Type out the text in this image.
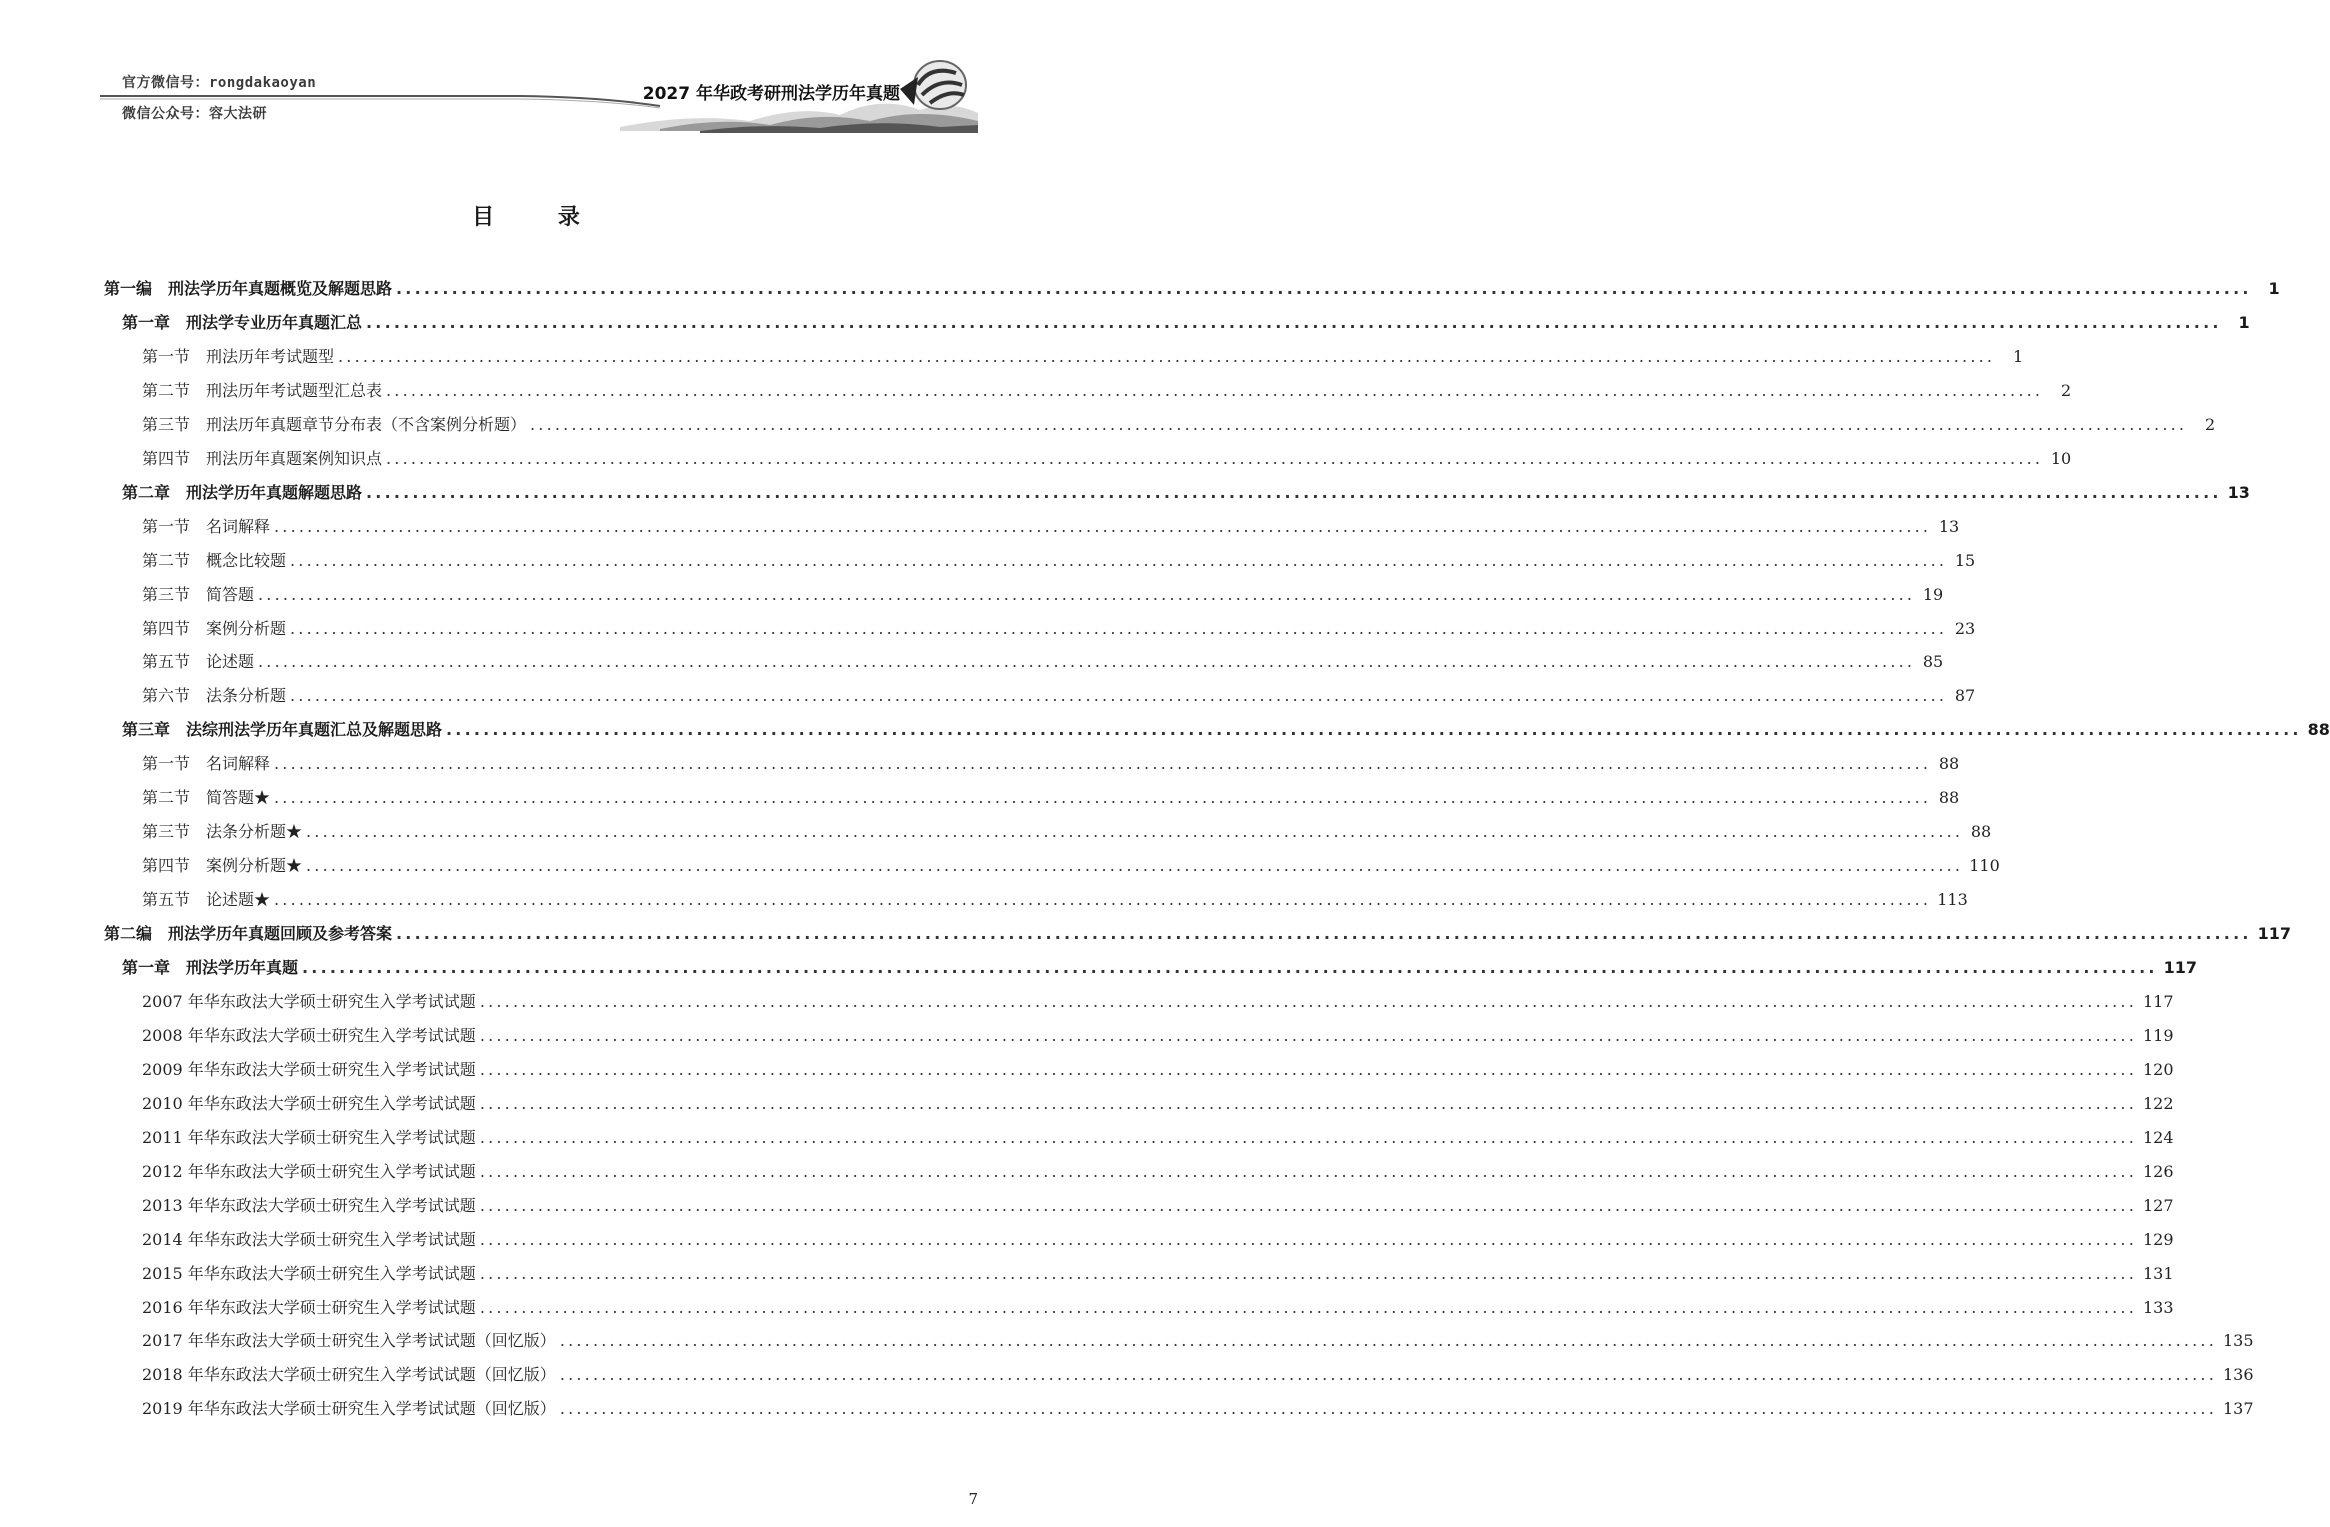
官方微信号：rongdakaoyan
微信公众号：容大法研
2027 年华政考研刑法学历年真题
目 录
第一编　刑法学历年真题概览及解题思路 ........................................................................................................................................................................................................	1
第一章　刑法学专业历年真题汇总 ........................................................................................................................................................................................................	1
第一节　刑法历年考试题型 ........................................................................................................................................................................................................	1
第二节　刑法历年考试题型汇总表 ........................................................................................................................................................................................................	2
第三节　刑法历年真题章节分布表（不含案例分析题） ........................................................................................................................................................................................................	2
第四节　刑法历年真题案例知识点 ........................................................................................................................................................................................................ 10
第二章　刑法学历年真题解题思路 ........................................................................................................................................................................................................ 13
第一节　名词解释 ........................................................................................................................................................................................................ 13
第二节　概念比较题 ........................................................................................................................................................................................................ 15
第三节　简答题 ........................................................................................................................................................................................................ 19
第四节　案例分析题 ........................................................................................................................................................................................................ 23
第五节　论述题 ........................................................................................................................................................................................................ 85
第六节　法条分析题 ........................................................................................................................................................................................................ 87
第三章　法综刑法学历年真题汇总及解题思路 ........................................................................................................................................................................................................ 88
第一节　名词解释 ........................................................................................................................................................................................................ 88
第二节　简答题★ ........................................................................................................................................................................................................ 88
第三节　法条分析题★ ........................................................................................................................................................................................................ 88
第四节　案例分析题★ ........................................................................................................................................................................................................ 110
第五节　论述题★ ........................................................................................................................................................................................................ 113
第二编　刑法学历年真题回顾及参考答案 ........................................................................................................................................................................................................ 117
第一章　刑法学历年真题 ........................................................................................................................................................................................................ 117
2007 年华东政法大学硕士研究生入学考试试题 ........................................................................................................................................................................................................ 117
2008 年华东政法大学硕士研究生入学考试试题 ........................................................................................................................................................................................................ 119
2009 年华东政法大学硕士研究生入学考试试题 ........................................................................................................................................................................................................ 120
2010 年华东政法大学硕士研究生入学考试试题 ........................................................................................................................................................................................................ 122
2011 年华东政法大学硕士研究生入学考试试题 ........................................................................................................................................................................................................ 124
2012 年华东政法大学硕士研究生入学考试试题 ........................................................................................................................................................................................................ 126
2013 年华东政法大学硕士研究生入学考试试题 ........................................................................................................................................................................................................ 127
2014 年华东政法大学硕士研究生入学考试试题 ........................................................................................................................................................................................................ 129
2015 年华东政法大学硕士研究生入学考试试题 ........................................................................................................................................................................................................ 131
2016 年华东政法大学硕士研究生入学考试试题 ........................................................................................................................................................................................................ 133
2017 年华东政法大学硕士研究生入学考试试题（回忆版） ........................................................................................................................................................................................................ 135
2018 年华东政法大学硕士研究生入学考试试题（回忆版） ........................................................................................................................................................................................................ 136
2019 年华东政法大学硕士研究生入学考试试题（回忆版） ........................................................................................................................................................................................................ 137
7
